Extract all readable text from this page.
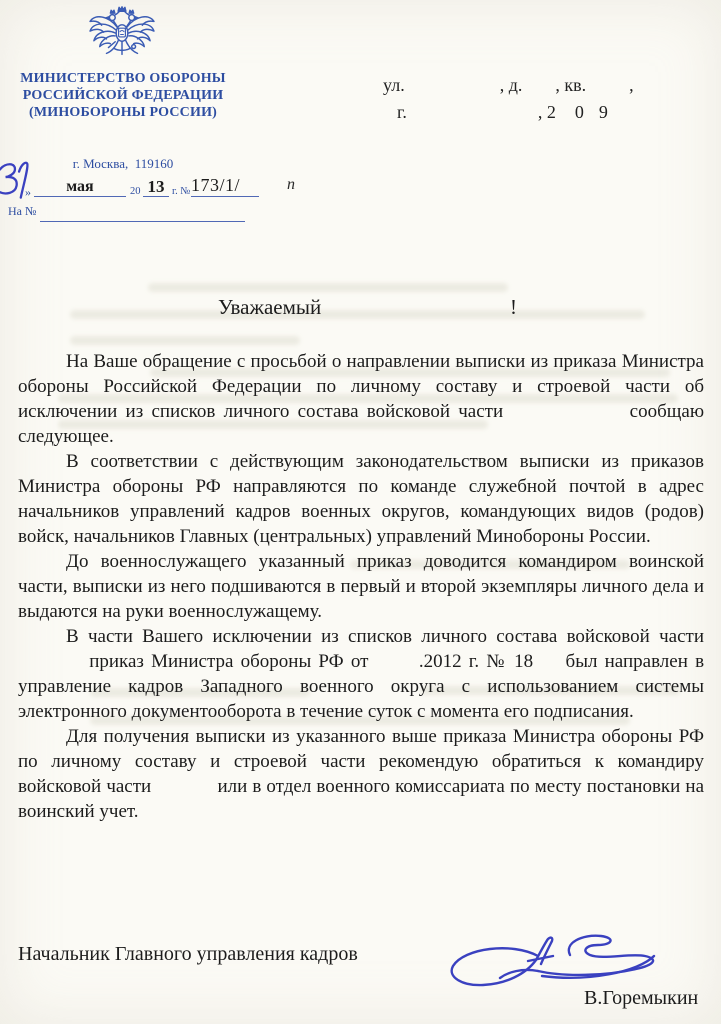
МИНИСТЕРСТВО ОБОРОНЫ
РОССИЙСКОЙ ФЕДЕРАЦИИ
(МИНОБОРОНЫ РОССИИ)
ул.	, д. , кв. ,
г.	, 2 0 9
г. Москва,  119160
»	мая	20 13 г. № 173/1/	n
На №
Уважаемый	!

На Ваше обращение с просьбой о направлении выписки из приказа Министра обороны Российской Федерации по личному составу и строевой части об исключении из списков личного состава войсковой части	сообщаю следующее.

В соответствии с действующим законодательством выписки из приказов Министра обороны РФ направляются по команде служебной почтой в адрес начальников управлений кадров военных округов, командующих видов (родов) войск, начальников Главных (центральных) управлений Минобороны России.

До военнослужащего указанный приказ доводится командиром воинской части, выписки из него подшиваются в первый и второй экземпляры личного дела и выдаются на руки военнослужащему.

В части Вашего исключении из списков личного состава войсковой части  приказ Министра обороны РФ от	.2012 г. № 18 был направлен в управление кадров Западного военного округа с использованием системы электронного документооборота в течение суток с момента его подписания.

Для получения выписки из указанного выше приказа Министра обороны РФ по личному составу и строевой части рекомендую обратиться к командиру войсковой части	или в отдел военного комиссариата по месту постановки на воинский учет.

Начальник Главного управления кадров
В.Горемыкин
